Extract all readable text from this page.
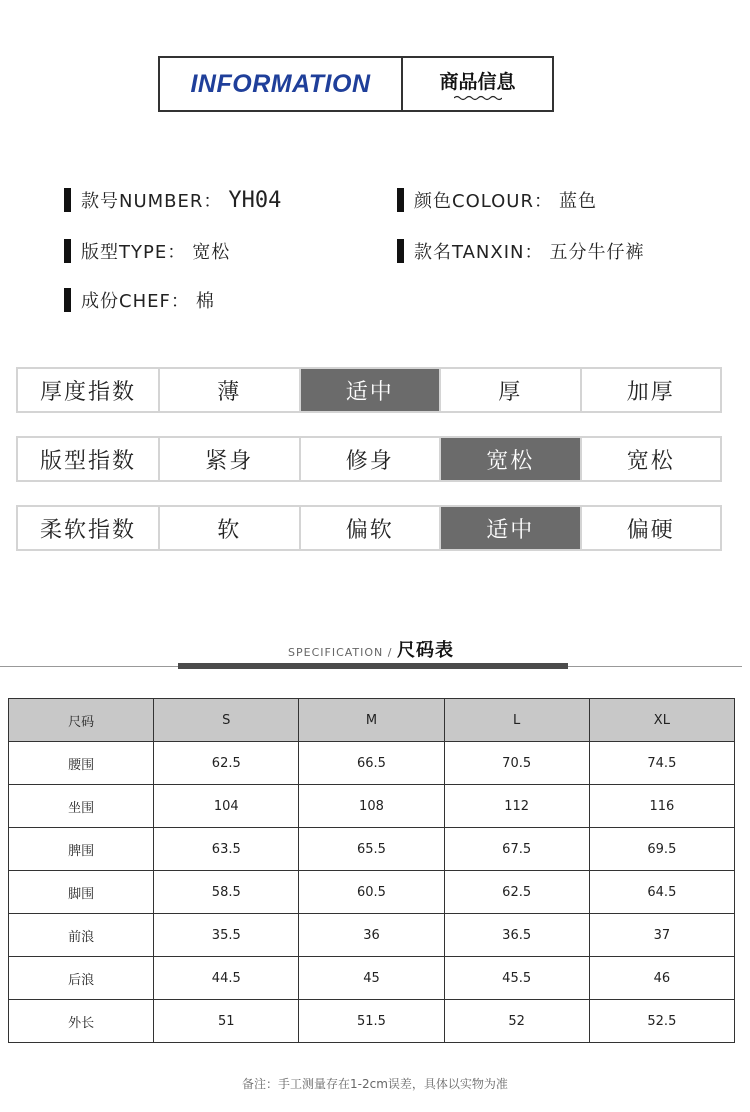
INFORMATION	商品信息
款号NUMBER： YH04	颜色COLOUR： 蓝色
版型TYPE： 宽松	款名TANXIN： 五分牛仔裤
成份CHEF： 棉
厚度指数	薄	适中	厚	加厚
版型指数	紧身	修身	宽松	宽松
柔软指数	软	偏软	适中	偏硬
SPECIFICATION / 尺码表
尺码	S	M	L	XL
腰围	62.5	66.5	70.5	74.5
坐围	104	108	112	116
脾围	63.5	65.5	67.5	69.5
脚围	58.5	60.5	62.5	64.5
前浪	35.5	36	36.5	37
后浪	44.5	45	45.5	46
外长	51	51.5	52	52.5
备注：手工测量存在1-2cm误差，具体以实物为准
